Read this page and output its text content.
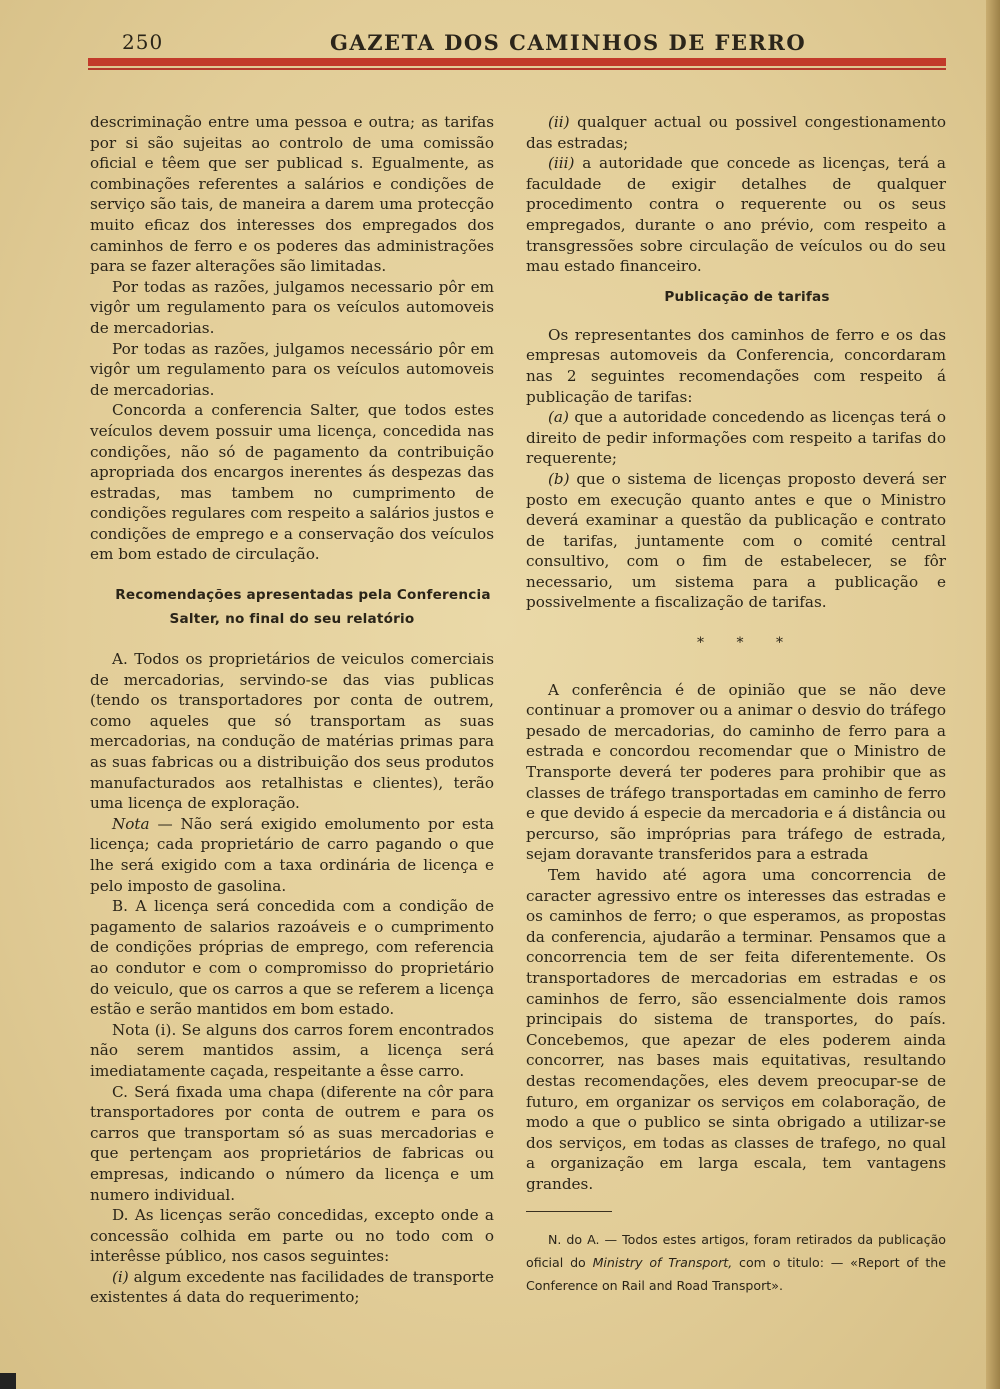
250	GAZETA DOS CAMINHOS DE FERRO

descriminação entre uma pessoa e outra; as tarifas por si são sujeitas ao controlo de uma comissão oficial e têem que ser publicad s. Egualmente, as combinações referentes a salários e condições de serviço são tais, de maneira a darem uma protecção muito eficaz dos interesses dos empregados dos caminhos de ferro e os poderes das administrações para se fazer alterações são limitadas.

Por todas as razões, julgamos necessario pôr em vigôr um regulamento para os veículos automoveis de mercadorias.

Por todas as razões, julgamos necessário pôr em vigôr um regulamento para os veículos automoveis de mercadorias.

Concorda a conferencia Salter, que todos estes veículos devem possuir uma licença, concedida nas condições, não só de pagamento da contribuição apropriada dos encargos inerentes ás despezas das estradas, mas tambem no cumprimento de condições regulares com respeito a salários justos e condições de emprego e a conservação dos veículos em bom estado de circulação.

Recomendações apresentadas pela Conferencia Salter, no final do seu relatório

A. Todos os proprietários de veiculos comerciais de mercadorias, servindo-se das vias publicas (tendo os transportadores por conta de outrem, como aqueles que só transportam as suas mercadorias, na condução de matérias primas para as suas fabricas ou a distribuição dos seus produtos manufacturados aos retalhistas e clientes), terão uma licença de exploração.

Nota — Não será exigido emolumento por esta licença; cada proprietário de carro pagando o que lhe será exigido com a taxa ordinária de licença e pelo imposto de gasolina.

B. A licença será concedida com a condição de pagamento de salarios razoáveis e o cumprimento de condições próprias de emprego, com referencia ao condutor e com o compromisso do proprietário do veiculo, que os carros a que se referem a licença estão e serão mantidos em bom estado.

Nota (i). Se alguns dos carros forem encontrados não serem mantidos assim, a licença será imediatamente caçada, respeitante a êsse carro.

C. Será fixada uma chapa (diferente na côr para transportadores por conta de outrem e para os carros que transportam só as suas mercadorias e que pertençam aos proprietários de fabricas ou empresas, indicando o número da licença e um numero individual.

D. As licenças serão concedidas, excepto onde a concessão colhida em parte ou no todo com o interêsse público, nos casos seguintes:

(i) algum excedente nas facilidades de transporte existentes á data do requerimento;

(ii) qualquer actual ou possivel congestionamento das estradas;

(iii) a autoridade que concede as licenças, terá a faculdade de exigir detalhes de qualquer procedimento contra o requerente ou os seus empregados, durante o ano prévio, com respeito a transgressões sobre circulação de veículos ou do seu mau estado financeiro.

Publicação de tarifas

Os representantes dos caminhos de ferro e os das empresas automoveis da Conferencia, concordaram nas 2 seguintes recomendações com respeito á publicação de tarifas:

(a) que a autoridade concedendo as licenças terá o direito de pedir informações com respeito a tarifas do requerente;

(b) que o sistema de licenças proposto deverá ser posto em execução quanto antes e que o Ministro deverá examinar a questão da publicação e contrato de tarifas, juntamente com o comité central consultivo, com o fim de estabelecer, se fôr necessario, um sistema para a publicação e possivelmente a fiscalização de tarifas.

* * *

A conferência é de opinião que se não deve continuar a promover ou a animar o desvio do tráfego pesado de mercadorias, do caminho de ferro para a estrada e concordou recomendar que o Ministro de Transporte deverá ter poderes para prohibir que as classes de tráfego transportadas em caminho de ferro e que devido á especie da mercadoria e á distância ou percurso, são impróprias para tráfego de estrada, sejam doravante transferidos para a estrada

Tem havido até agora uma concorrencia de caracter agressivo entre os interesses das estradas e os caminhos de ferro; o que esperamos, as propostas da conferencia, ajudarão a terminar. Pensamos que a concorrencia tem de ser feita diferentemente. Os transportadores de mercadorias em estradas e os caminhos de ferro, são essencialmente dois ramos principais do sistema de transportes, do país. Concebemos, que apezar de eles poderem ainda concorrer, nas bases mais equitativas, resultando destas recomendações, eles devem preocupar-se de futuro, em organizar os serviços em colaboração, de modo a que o publico se sinta obrigado a utilizar-se dos serviços, em todas as classes de trafego, no qual a organização em larga escala, tem vantagens grandes.

N. do A. — Todos estes artigos, foram retirados da publicação oficial do Ministry of Transport, com o titulo: — «Report of the Conference on Rail and Road Transport».
